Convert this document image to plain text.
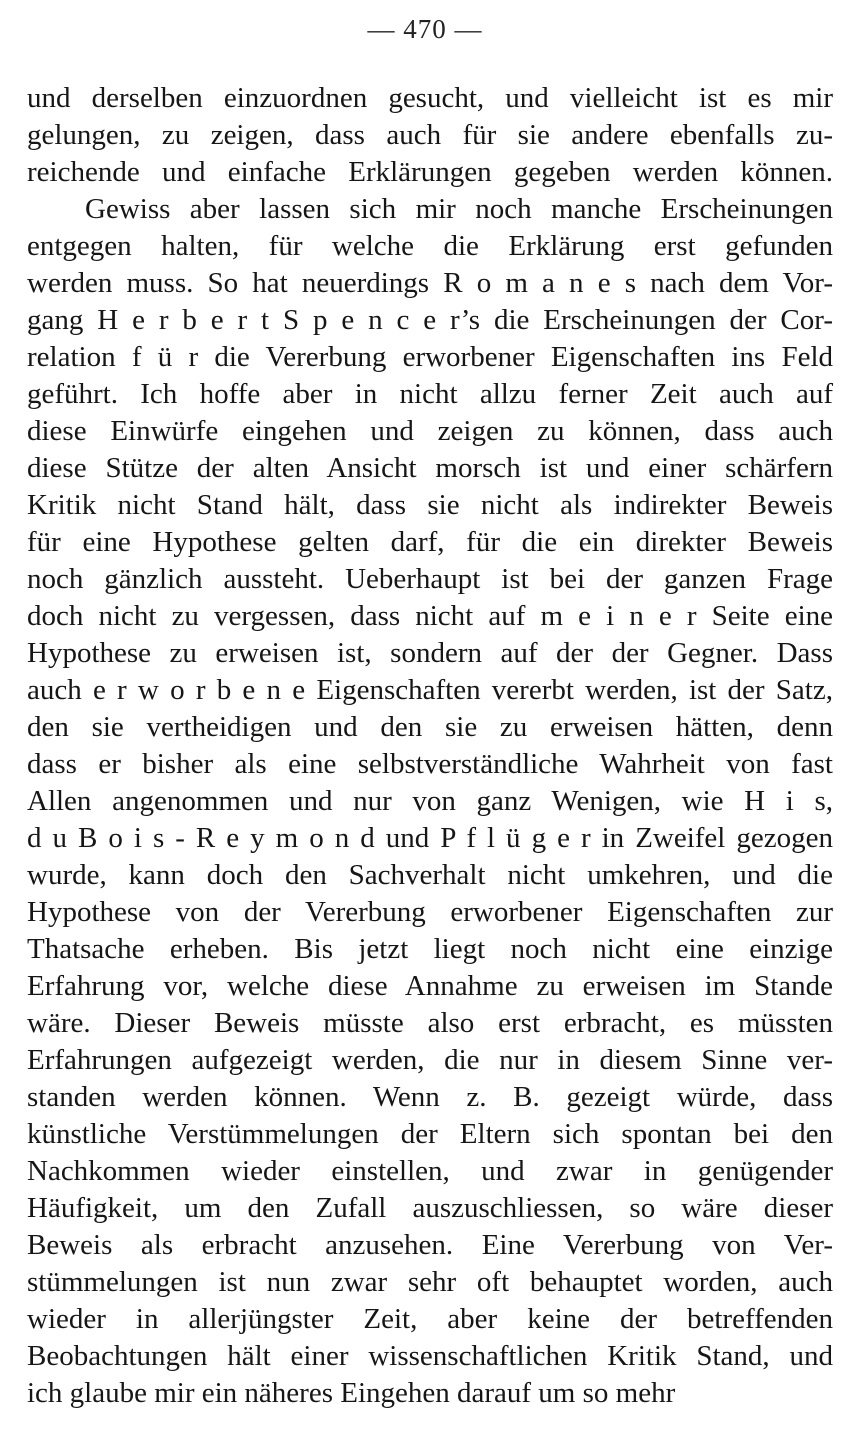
— 470 —
und derselben einzuordnen gesucht, und vielleicht ist es mir
gelungen, zu zeigen, dass auch für sie andere ebenfalls zu-
reichende und einfache Erklärungen gegeben werden können.
Gewiss aber lassen sich mir noch manche Erscheinungen
entgegen halten, für welche die Erklärung erst gefunden
werden muss. So hat neuerdings R o m a n e s nach dem Vor-
gang H e r b e r t S p e n c e r’s die Erscheinungen der Cor-
relation f ü r die Vererbung erworbener Eigenschaften ins Feld
geführt. Ich hoffe aber in nicht allzu ferner Zeit auch auf
diese Einwürfe eingehen und zeigen zu können, dass auch
diese Stütze der alten Ansicht morsch ist und einer schärfern
Kritik nicht Stand hält, dass sie nicht als indirekter Beweis
für eine Hypothese gelten darf, für die ein direkter Beweis
noch gänzlich aussteht. Ueberhaupt ist bei der ganzen Frage
doch nicht zu vergessen, dass nicht auf m e i n e r Seite eine
Hypothese zu erweisen ist, sondern auf der der Gegner. Dass
auch e r w o r b e n e Eigenschaften vererbt werden, ist der Satz,
den sie vertheidigen und den sie zu erweisen hätten, denn
dass er bisher als eine selbstverständliche Wahrheit von fast
Allen angenommen und nur von ganz Wenigen, wie H i s,
d u B o i s - R e y m o n d und P f l ü g e r in Zweifel gezogen
wurde, kann doch den Sachverhalt nicht umkehren, und die
Hypothese von der Vererbung erworbener Eigenschaften zur
Thatsache erheben. Bis jetzt liegt noch nicht eine einzige
Erfahrung vor, welche diese Annahme zu erweisen im Stande
wäre. Dieser Beweis müsste also erst erbracht, es müssten
Erfahrungen aufgezeigt werden, die nur in diesem Sinne ver-
standen werden können. Wenn z. B. gezeigt würde, dass
künstliche Verstümmelungen der Eltern sich spontan bei den
Nachkommen wieder einstellen, und zwar in genügender
Häufigkeit, um den Zufall auszuschliessen, so wäre dieser
Beweis als erbracht anzusehen. Eine Vererbung von Ver-
stümmelungen ist nun zwar sehr oft behauptet worden, auch
wieder in allerjüngster Zeit, aber keine der betreffenden
Beobachtungen hält einer wissenschaftlichen Kritik Stand, und
ich glaube mir ein näheres Eingehen darauf um so mehr
